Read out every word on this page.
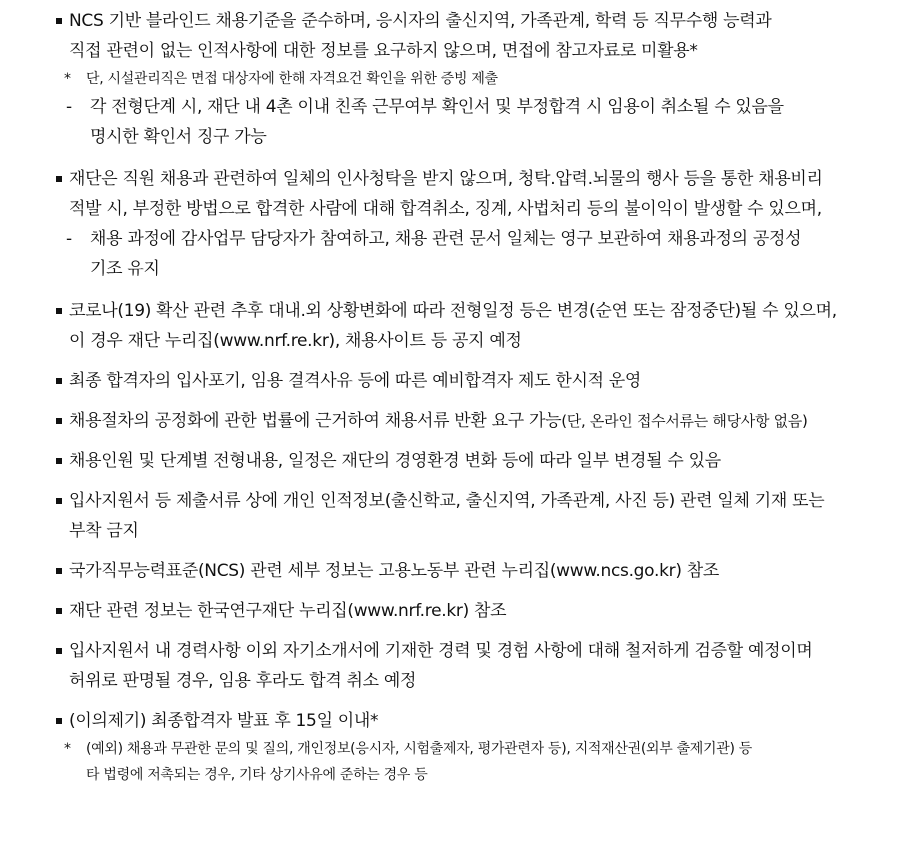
NCS 기반 블라인드 채용기준을 준수하며, 응시자의 출신지역, 가족관계, 학력 등 직무수행 능력과
직접 관련이 없는 인적사항에 대한 정보를 요구하지 않으며, 면접에 참고자료로 미활용*
* 단, 시설관리직은 면접 대상자에 한해 자격요건 확인을 위한 증빙 제출
- 각 전형단계 시, 재단 내 4촌 이내 친족 근무여부 확인서 및 부정합격 시 임용이 취소될 수 있음을
명시한 확인서 징구 가능
재단은 직원 채용과 관련하여 일체의 인사청탁을 받지 않으며, 청탁.압력.뇌물의 행사 등을 통한 채용비리
적발 시, 부정한 방법으로 합격한 사람에 대해 합격취소, 징계, 사법처리 등의 불이익이 발생할 수 있으며,
- 채용 과정에 감사업무 담당자가 참여하고, 채용 관련 문서 일체는 영구 보관하여 채용과정의 공정성
기조 유지
코로나(19) 확산 관련 추후 대내.외 상황변화에 따라 전형일정 등은 변경(순연 또는 잠정중단)될 수 있으며,
이 경우 재단 누리집(www.nrf.re.kr), 채용사이트 등 공지 예정
최종 합격자의 입사포기, 임용 결격사유 등에 따른 예비합격자 제도 한시적 운영
채용절차의 공정화에 관한 법률에 근거하여 채용서류 반환 요구 가능(단, 온라인 접수서류는 해당사항 없음)
채용인원 및 단계별 전형내용, 일정은 재단의 경영환경 변화 등에 따라 일부 변경될 수 있음
입사지원서 등 제출서류 상에 개인 인적정보(출신학교, 출신지역, 가족관계, 사진 등) 관련 일체 기재 또는
부착 금지
국가직무능력표준(NCS) 관련 세부 정보는 고용노동부 관련 누리집(www.ncs.go.kr) 참조
재단 관련 정보는 한국연구재단 누리집(www.nrf.re.kr) 참조
입사지원서 내 경력사항 이외 자기소개서에 기재한 경력 및 경험 사항에 대해 철저하게 검증할 예정이며
허위로 판명될 경우, 임용 후라도 합격 취소 예정
(이의제기) 최종합격자 발표 후 15일 이내*
* (예외) 채용과 무관한 문의 및 질의, 개인정보(응시자, 시험출제자, 평가관련자 등), 지적재산권(외부 출제기관) 등
타 법령에 저촉되는 경우, 기타 상기사유에 준하는 경우 등
